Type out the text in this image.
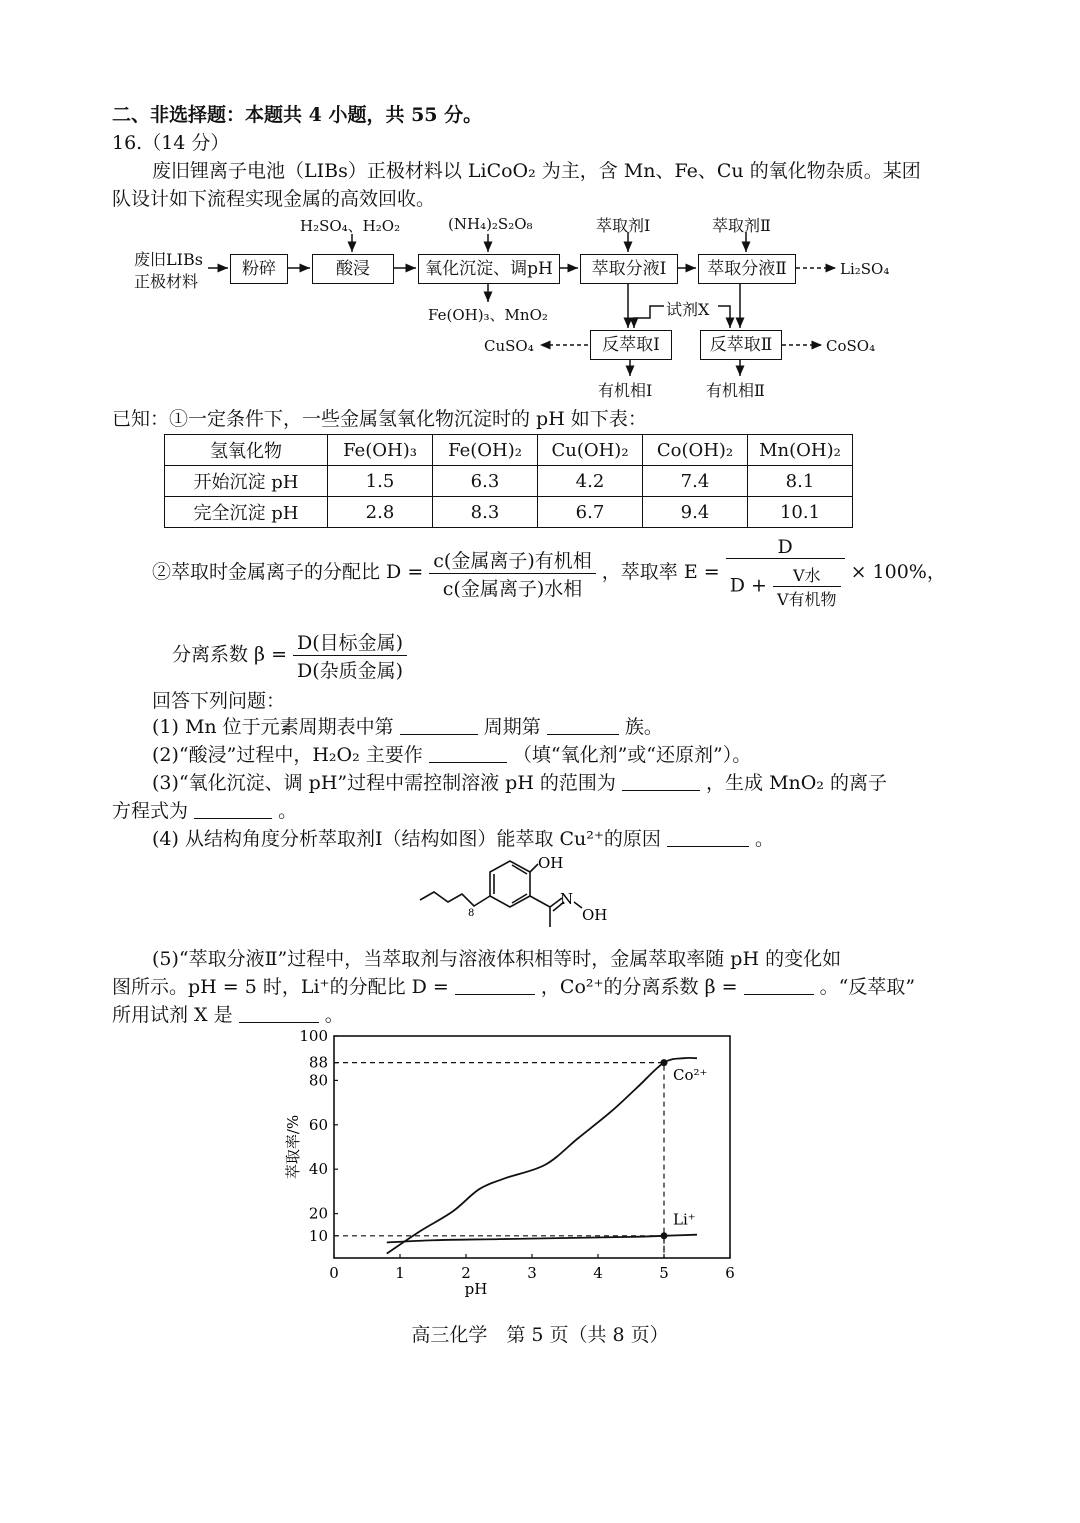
二、非选择题：本题共 4 小题，共 55 分。
16.（14 分）
废旧锂离子电池（LIBs）正极材料以 LiCoO₂ 为主，含 Mn、Fe、Cu 的氧化物杂质。某团
队设计如下流程实现金属的高效回收。
废旧LIBs
正极材料
粉碎	酸浸	氧化沉淀、调pH	萃取分液Ⅰ	萃取分液Ⅱ
反萃取Ⅰ	反萃取Ⅱ
H₂SO₄、H₂O₂	(NH₄)₂S₂O₈	萃取剂Ⅰ	萃取剂Ⅱ
试剂X
Fe(OH)₃、MnO₂
Li₂SO₄
CuSO₄	CoSO₄
有机相Ⅰ	有机相Ⅱ
已知：①一定条件下，一些金属氢氧化物沉淀时的 pH 如下表：
氢氧化物	Fe(OH)₃	Fe(OH)₂	Cu(OH)₂	Co(OH)₂	Mn(OH)₂
开始沉淀 pH	1.5	6.3	4.2	7.4	8.1
完全沉淀 pH	2.8	8.3	6.7	9.4	10.1
②萃取时金属离子的分配比 $D = \frac{\text{c(金属离子)有机相}}{\text{c(金属离子)水相}}$ ，萃取率 $E = \frac{D}{D + \frac{\text{V水}}{\text{V有机物}}} \times 100\%$，
分离系数 $\beta = \frac{\text{D(目标金属)}}{\text{D(杂质金属)}}$
回答下列问题：
(1) Mn 位于元素周期表中第	周期第	族。
(2)“酸浸”过程中，H₂O₂ 主要作	（填“氧化剂”或“还原剂”）。
(3)“氧化沉淀、调 pH”过程中需控制溶液 pH 的范围为	，生成 MnO₂ 的离子
方程式为	。
(4) 从结构角度分析萃取剂Ⅰ（结构如图）能萃取 Cu²⁺的原因	。
OH
N
OH
8
(5)“萃取分液Ⅱ”过程中，当萃取剂与溶液体积相等时，金属萃取率随 pH 的变化如
图所示。pH = 5 时，Li⁺的分配比 D =	，Co²⁺的分离系数 β =	。“反萃取”
所用试剂 X 是	。
0	1	2	3	4	5	6
10
20
40
60
80
88
100
pH
萃取率/%
Co²⁺
Li⁺
高三化学　第 5 页（共 8 页）
